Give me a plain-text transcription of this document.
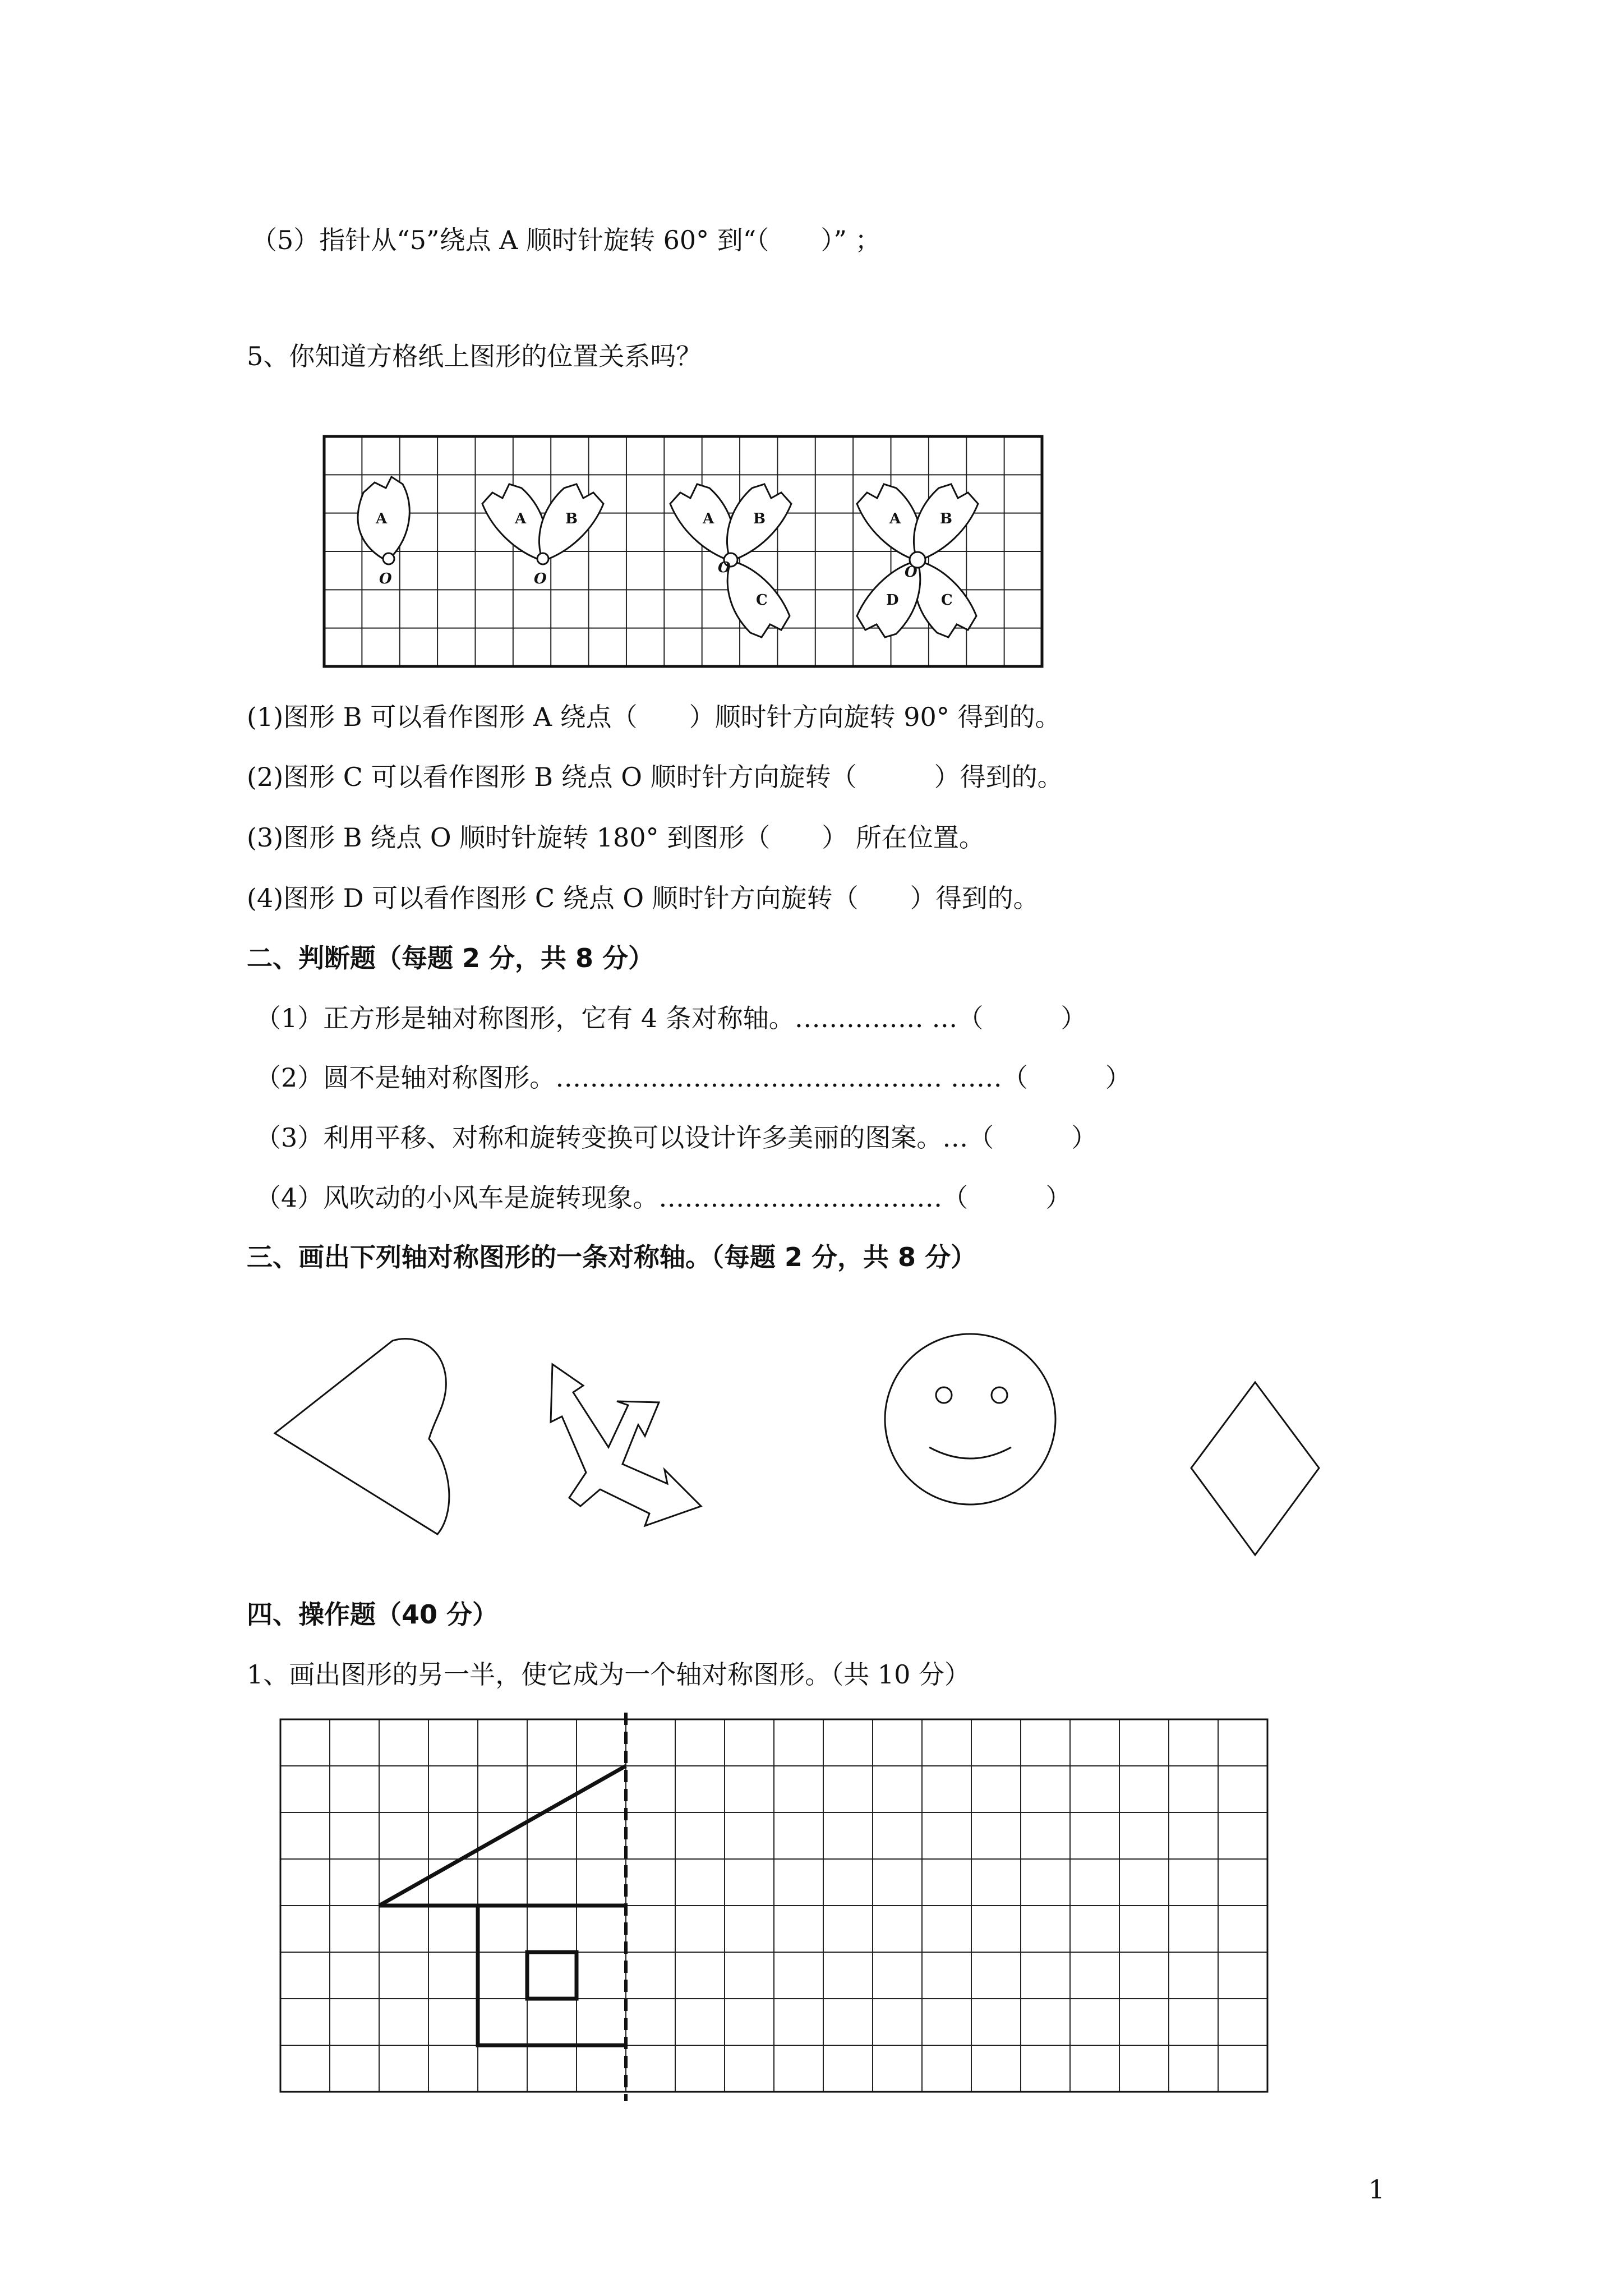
（5）指针从“5”绕点 A 顺时针旋转 60° 到“（　　）” ；
5、你知道方格纸上图形的位置关系吗？
A
O
A	B
O
A	B
C
O
A	B
C
D
O
(1)图形 B 可以看作图形 A 绕点（　　）顺时针方向旋转 90° 得到的。
(2)图形 C 可以看作图形 B 绕点 O 顺时针方向旋转（　　　）得到的。
(3)图形 B 绕点 O 顺时针旋转 180° 到图形（　　） 所在位置。
(4)图形 D 可以看作图形 C 绕点 O 顺时针方向旋转（　　）得到的。
二、判断题（每题 2 分，共 8 分）
（1）正方形是轴对称图形，它有 4 条对称轴。…………… …（　　　）
（2）圆不是轴对称图形。……………………………………… ……（　　　）
（3）利用平移、对称和旋转变换可以设计许多美丽的图案。…（　　　）
（4）风吹动的小风车是旋转现象。……………………………（　　　）
三、画出下列轴对称图形的一条对称轴。（每题 2 分，共 8 分）
四、操作题（40 分）
1、画出图形的另一半，使它成为一个轴对称图形。（共 10 分）
1
